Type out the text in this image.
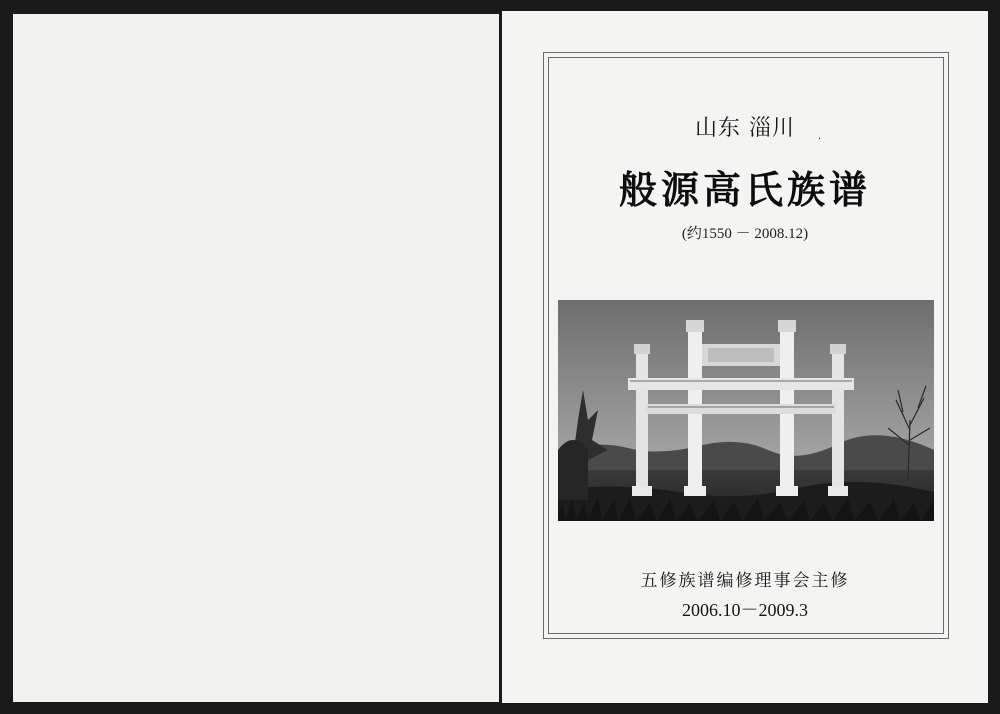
山东 淄川	.
般源高氏族谱
(约1550 － 2008.12)
五修族谱编修理事会主修
2006.10－2009.3
